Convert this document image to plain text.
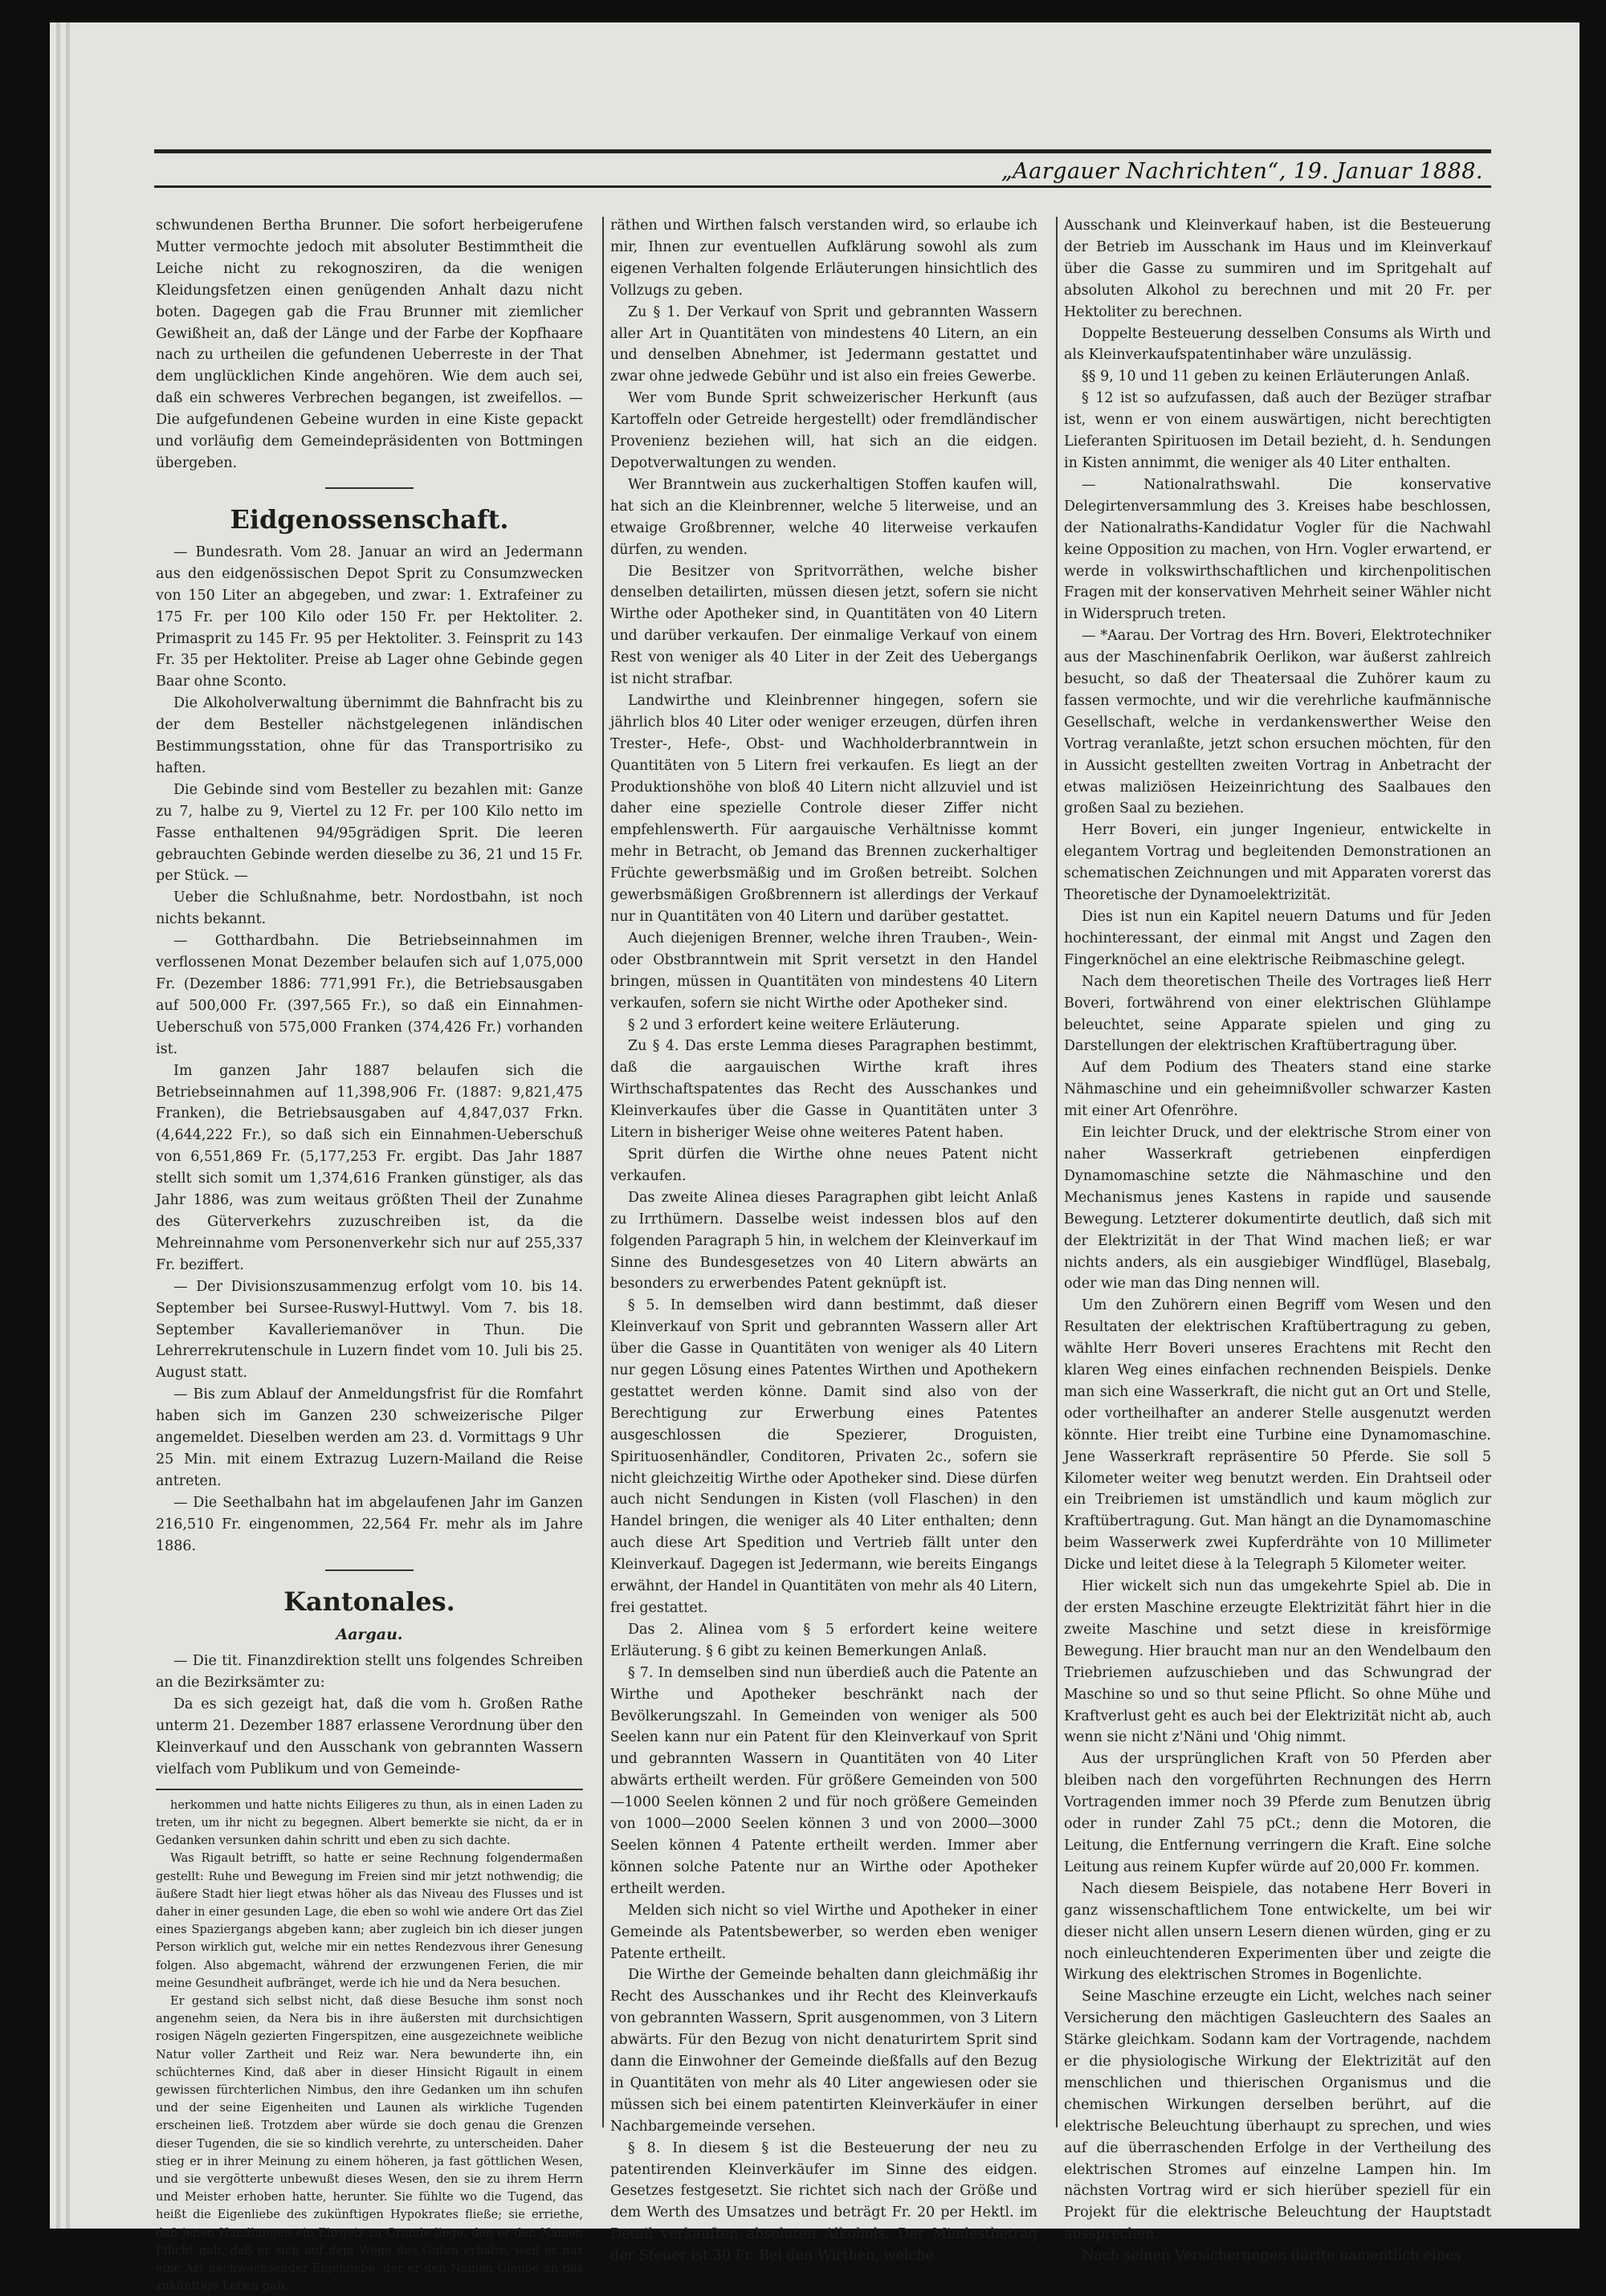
„Aargauer Nachrichten“, 19. Januar 1888.

schwundenen Bertha Brunner. Die sofort herbeigerufene Mutter vermochte jedoch mit absoluter Bestimmtheit die Leiche nicht zu rekognosziren, da die wenigen Kleidungsfetzen einen genügenden Anhalt dazu nicht boten. Dagegen gab die Frau Brunner mit ziemlicher Gewißheit an, daß der Länge und der Farbe der Kopfhaare nach zu urtheilen die gefundenen Ueberreste in der That dem unglücklichen Kinde angehören. Wie dem auch sei, daß ein schweres Verbrechen begangen, ist zweifellos. — Die aufgefundenen Gebeine wurden in eine Kiste gepackt und vorläufig dem Gemeindepräsidenten von Bottmingen übergeben.

Eidgenossenschaft.

— Bundesrath. Vom 28. Januar an wird an Jedermann aus den eidgenössischen Depot Sprit zu Consumzwecken von 150 Liter an abgegeben, und zwar: 1. Extrafeiner zu 175 Fr. per 100 Kilo oder 150 Fr. per Hektoliter. 2. Primasprit zu 145 Fr. 95 per Hektoliter. 3. Feinsprit zu 143 Fr. 35 per Hektoliter. Preise ab Lager ohne Gebinde gegen Baar ohne Sconto.

Die Alkoholverwaltung übernimmt die Bahnfracht bis zu der dem Besteller nächstgelegenen inländischen Bestimmungsstation, ohne für das Transportrisiko zu haften.

Die Gebinde sind vom Besteller zu bezahlen mit: Ganze zu 7, halbe zu 9, Viertel zu 12 Fr. per 100 Kilo netto im Fasse enthaltenen 94/95grädigen Sprit. Die leeren gebrauchten Gebinde werden dieselbe zu 36, 21 und 15 Fr. per Stück. —

Ueber die Schlußnahme, betr. Nordostbahn, ist noch nichts bekannt.

— Gotthardbahn. Die Betriebseinnahmen im verflossenen Monat Dezember belaufen sich auf 1,075,000 Fr. (Dezember 1886: 771,991 Fr.), die Betriebsausgaben auf 500,000 Fr. (397,565 Fr.), so daß ein Einnahmen-Ueberschuß von 575,000 Franken (374,426 Fr.) vorhanden ist.

Im ganzen Jahr 1887 belaufen sich die Betriebseinnahmen auf 11,398,906 Fr. (1887: 9,821,475 Franken), die Betriebsausgaben auf 4,847,037 Frkn. (4,644,222 Fr.), so daß sich ein Einnahmen-Ueberschuß von 6,551,869 Fr. (5,177,253 Fr. ergibt. Das Jahr 1887 stellt sich somit um 1,374,616 Franken günstiger, als das Jahr 1886, was zum weitaus größten Theil der Zunahme des Güterverkehrs zuzuschreiben ist, da die Mehreinnahme vom Personenverkehr sich nur auf 255,337 Fr. beziffert.

— Der Divisionszusammenzug erfolgt vom 10. bis 14. September bei Sursee-Ruswyl-Huttwyl. Vom 7. bis 18. September Kavalleriemanöver in Thun. Die Lehrerrekrutenschule in Luzern findet vom 10. Juli bis 25. August statt.

— Bis zum Ablauf der Anmeldungsfrist für die Romfahrt haben sich im Ganzen 230 schweizerische Pilger angemeldet. Dieselben werden am 23. d. Vormittags 9 Uhr 25 Min. mit einem Extrazug Luzern-Mailand die Reise antreten.

— Die Seethalbahn hat im abgelaufenen Jahr im Ganzen 216,510 Fr. eingenommen, 22,564 Fr. mehr als im Jahre 1886.

Kantonales.
Aargau.

— Die tit. Finanzdirektion stellt uns folgendes Schreiben an die Bezirksämter zu:

Da es sich gezeigt hat, daß die vom h. Großen Rathe unterm 21. Dezember 1887 erlassene Verordnung über den Kleinverkauf und den Ausschank von gebrannten Wassern vielfach vom Publikum und von Gemeinde-

herkommen und hatte nichts Eiligeres zu thun, als in einen Laden zu treten, um ihr nicht zu begegnen. Albert bemerkte sie nicht, da er in Gedanken versunken dahin schritt und eben zu sich dachte.

Was Rigault betrifft, so hatte er seine Rechnung folgendermaßen gestellt: Ruhe und Bewegung im Freien sind mir jetzt nothwendig; die äußere Stadt hier liegt etwas höher als das Niveau des Flusses und ist daher in einer gesunden Lage, die eben so wohl wie andere Ort das Ziel eines Spaziergangs abgeben kann; aber zugleich bin ich dieser jungen Person wirklich gut, welche mir ein nettes Rendezvous ihrer Genesung folgen. Also abgemacht, während der erzwungenen Ferien, die mir meine Gesundheit aufbränget, werde ich hie und da Nera besuchen.

Er gestand sich selbst nicht, daß diese Besuche ihm sonst noch angenehm seien, da Nera bis in ihre äußersten mit durchsichtigen rosigen Nägeln gezierten Fingerspitzen, eine ausgezeichnete weibliche Natur voller Zartheit und Reiz war. Nera bewunderte ihn, ein schüchternes Kind, daß aber in dieser Hinsicht Rigault in einem gewissen fürchterlichen Nimbus, den ihre Gedanken um ihn schufen und der seine Eigenheiten und Launen als wirkliche Tugenden erscheinen ließ. Trotzdem aber würde sie doch genau die Grenzen dieser Tugenden, die sie so kindlich verehrte, zu unterscheiden. Daher stieg er in ihrer Meinung zu einem höheren, ja fast göttlichen Wesen, und sie vergötterte unbewußt dieses Wesen, den sie zu ihrem Herrn und Meister erhoben hatte, herunter. Sie fühlte wo die Tugend, das heißt die Eigenliebe des zukünftigen Hypokrates fließe; sie erriethe, daß jenen Handlungen ein Ehrgeiz zu Grunde liege, den er den Namen Pflicht gab, daß er sich auf dem Wege des Guten erhalte, weil er nur eine Art nachwachsender Eigenliebe, der er den Namen Glaube an das zukünftige Leben gab.

räthen und Wirthen falsch verstanden wird, so erlaube ich mir, Ihnen zur eventuellen Aufklärung sowohl als zum eigenen Verhalten folgende Erläuterungen hinsichtlich des Vollzugs zu geben.

Zu § 1. Der Verkauf von Sprit und gebrannten Wassern aller Art in Quantitäten von mindestens 40 Litern, an ein und denselben Abnehmer, ist Jedermann gestattet und zwar ohne jedwede Gebühr und ist also ein freies Gewerbe.

Wer vom Bunde Sprit schweizerischer Herkunft (aus Kartoffeln oder Getreide hergestellt) oder fremdländischer Provenienz beziehen will, hat sich an die eidgen. Depotverwaltungen zu wenden.

Wer Branntwein aus zuckerhaltigen Stoffen kaufen will, hat sich an die Kleinbrenner, welche 5 literweise, und an etwaige Großbrenner, welche 40 literweise verkaufen dürfen, zu wenden.

Die Besitzer von Spritvorräthen, welche bisher denselben detailirten, müssen diesen jetzt, sofern sie nicht Wirthe oder Apotheker sind, in Quantitäten von 40 Litern und darüber verkaufen. Der einmalige Verkauf von einem Rest von weniger als 40 Liter in der Zeit des Uebergangs ist nicht strafbar.

Landwirthe und Kleinbrenner hingegen, sofern sie jährlich blos 40 Liter oder weniger erzeugen, dürfen ihren Trester-, Hefe-, Obst- und Wachholderbranntwein in Quantitäten von 5 Litern frei verkaufen. Es liegt an der Produktionshöhe von bloß 40 Litern nicht allzuviel und ist daher eine spezielle Controle dieser Ziffer nicht empfehlenswerth. Für aargauische Verhältnisse kommt mehr in Betracht, ob Jemand das Brennen zuckerhaltiger Früchte gewerbsmäßig und im Großen betreibt. Solchen gewerbsmäßigen Großbrennern ist allerdings der Verkauf nur in Quantitäten von 40 Litern und darüber gestattet.

Auch diejenigen Brenner, welche ihren Trauben-, Wein- oder Obstbranntwein mit Sprit versetzt in den Handel bringen, müssen in Quantitäten von mindestens 40 Litern verkaufen, sofern sie nicht Wirthe oder Apotheker sind.

§ 2 und 3 erfordert keine weitere Erläuterung.

Zu § 4. Das erste Lemma dieses Paragraphen bestimmt, daß die aargauischen Wirthe kraft ihres Wirthschaftspatentes das Recht des Ausschankes und Kleinverkaufes über die Gasse in Quantitäten unter 3 Litern in bisheriger Weise ohne weiteres Patent haben.

Sprit dürfen die Wirthe ohne neues Patent nicht verkaufen.

Das zweite Alinea dieses Paragraphen gibt leicht Anlaß zu Irrthümern. Dasselbe weist indessen blos auf den folgenden Paragraph 5 hin, in welchem der Kleinverkauf im Sinne des Bundesgesetzes von 40 Litern abwärts an besonders zu erwerbendes Patent geknüpft ist.

§ 5. In demselben wird dann bestimmt, daß dieser Kleinverkauf von Sprit und gebrannten Wassern aller Art über die Gasse in Quantitäten von weniger als 40 Litern nur gegen Lösung eines Patentes Wirthen und Apothekern gestattet werden könne. Damit sind also von der Berechtigung zur Erwerbung eines Patentes ausgeschlossen die Spezierer, Droguisten, Spirituosenhändler, Conditoren, Privaten 2c., sofern sie nicht gleichzeitig Wirthe oder Apotheker sind. Diese dürfen auch nicht Sendungen in Kisten (voll Flaschen) in den Handel bringen, die weniger als 40 Liter enthalten; denn auch diese Art Spedition und Vertrieb fällt unter den Kleinverkauf. Dagegen ist Jedermann, wie bereits Eingangs erwähnt, der Handel in Quantitäten von mehr als 40 Litern, frei gestattet.

Das 2. Alinea vom § 5 erfordert keine weitere Erläuterung. § 6 gibt zu keinen Bemerkungen Anlaß.

§ 7. In demselben sind nun überdieß auch die Patente an Wirthe und Apotheker beschränkt nach der Bevölkerungszahl. In Gemeinden von weniger als 500 Seelen kann nur ein Patent für den Kleinverkauf von Sprit und gebrannten Wassern in Quantitäten von 40 Liter abwärts ertheilt werden. Für größere Gemeinden von 500—1000 Seelen können 2 und für noch größere Gemeinden von 1000—2000 Seelen können 3 und von 2000—3000 Seelen können 4 Patente ertheilt werden. Immer aber können solche Patente nur an Wirthe oder Apotheker ertheilt werden.

Melden sich nicht so viel Wirthe und Apotheker in einer Gemeinde als Patentsbewerber, so werden eben weniger Patente ertheilt.

Die Wirthe der Gemeinde behalten dann gleichmäßig ihr Recht des Ausschankes und ihr Recht des Kleinverkaufs von gebrannten Wassern, Sprit ausgenommen, von 3 Litern abwärts. Für den Bezug von nicht denaturirtem Sprit sind dann die Einwohner der Gemeinde dießfalls auf den Bezug in Quantitäten von mehr als 40 Liter angewiesen oder sie müssen sich bei einem patentirten Kleinverkäufer in einer Nachbargemeinde versehen.

§ 8. In diesem § ist die Besteuerung der neu zu patentirenden Kleinverkäufer im Sinne des eidgen. Gesetzes festgesetzt. Sie richtet sich nach der Größe und dem Werth des Umsatzes und beträgt Fr. 20 per Hektl. im Detail verkauften absoluten Alkohols. Der Mindestbetrag der Steuer ist 30 Fr. Bei den Wirthen, welche

Ausschank und Kleinverkauf haben, ist die Besteuerung der Betrieb im Ausschank im Haus und im Kleinverkauf über die Gasse zu summiren und im Spritgehalt auf absoluten Alkohol zu berechnen und mit 20 Fr. per Hektoliter zu berechnen.

Doppelte Besteuerung desselben Consums als Wirth und als Kleinverkaufspatentinhaber wäre unzulässig.

§§ 9, 10 und 11 geben zu keinen Erläuterungen Anlaß.

§ 12 ist so aufzufassen, daß auch der Bezüger strafbar ist, wenn er von einem auswärtigen, nicht berechtigten Lieferanten Spirituosen im Detail bezieht, d. h. Sendungen in Kisten annimmt, die weniger als 40 Liter enthalten.

— Nationalrathswahl. Die konservative Delegirtenversammlung des 3. Kreises habe beschlossen, der Nationalraths-Kandidatur Vogler für die Nachwahl keine Opposition zu machen, von Hrn. Vogler erwartend, er werde in volkswirthschaftlichen und kirchenpolitischen Fragen mit der konservativen Mehrheit seiner Wähler nicht in Widerspruch treten.

— *Aarau. Der Vortrag des Hrn. Boveri, Elektrotechniker aus der Maschinenfabrik Oerlikon, war äußerst zahlreich besucht, so daß der Theatersaal die Zuhörer kaum zu fassen vermochte, und wir die verehrliche kaufmännische Gesellschaft, welche in verdankenswerther Weise den Vortrag veranlaßte, jetzt schon ersuchen möchten, für den in Aussicht gestellten zweiten Vortrag in Anbetracht der etwas maliziösen Heizeinrichtung des Saalbaues den großen Saal zu beziehen.

Herr Boveri, ein junger Ingenieur, entwickelte in elegantem Vortrag und begleitenden Demonstrationen an schematischen Zeichnungen und mit Apparaten vorerst das Theoretische der Dynamoelektrizität.

Dies ist nun ein Kapitel neuern Datums und für Jeden hochinteressant, der einmal mit Angst und Zagen den Fingerknöchel an eine elektrische Reibmaschine gelegt.

Nach dem theoretischen Theile des Vortrages ließ Herr Boveri, fortwährend von einer elektrischen Glühlampe beleuchtet, seine Apparate spielen und ging zu Darstellungen der elektrischen Kraftübertragung über.

Auf dem Podium des Theaters stand eine starke Nähmaschine und ein geheimnißvoller schwarzer Kasten mit einer Art Ofenröhre.

Ein leichter Druck, und der elektrische Strom einer von naher Wasserkraft getriebenen einpferdigen Dynamomaschine setzte die Nähmaschine und den Mechanismus jenes Kastens in rapide und sausende Bewegung. Letzterer dokumentirte deutlich, daß sich mit der Elektrizität in der That Wind machen ließ; er war nichts anders, als ein ausgiebiger Windflügel, Blasebalg, oder wie man das Ding nennen will.

Um den Zuhörern einen Begriff vom Wesen und den Resultaten der elektrischen Kraftübertragung zu geben, wählte Herr Boveri unseres Erachtens mit Recht den klaren Weg eines einfachen rechnenden Beispiels. Denke man sich eine Wasserkraft, die nicht gut an Ort und Stelle, oder vortheilhafter an anderer Stelle ausgenutzt werden könnte. Hier treibt eine Turbine eine Dynamomaschine. Jene Wasserkraft repräsentire 50 Pferde. Sie soll 5 Kilometer weiter weg benutzt werden. Ein Drahtseil oder ein Treibriemen ist umständlich und kaum möglich zur Kraftübertragung. Gut. Man hängt an die Dynamomaschine beim Wasserwerk zwei Kupferdrähte von 10 Millimeter Dicke und leitet diese à la Telegraph 5 Kilometer weiter.

Hier wickelt sich nun das umgekehrte Spiel ab. Die in der ersten Maschine erzeugte Elektrizität fährt hier in die zweite Maschine und setzt diese in kreisförmige Bewegung. Hier braucht man nur an den Wendelbaum den Triebriemen aufzuschieben und das Schwungrad der Maschine so und so thut seine Pflicht. So ohne Mühe und Kraftverlust geht es auch bei der Elektrizität nicht ab, auch wenn sie nicht z'Näni und 'Ohig nimmt.

Aus der ursprünglichen Kraft von 50 Pferden aber bleiben nach den vorgeführten Rechnungen des Herrn Vortragenden immer noch 39 Pferde zum Benutzen übrig oder in runder Zahl 75 pCt.; denn die Motoren, die Leitung, die Entfernung verringern die Kraft. Eine solche Leitung aus reinem Kupfer würde auf 20,000 Fr. kommen.

Nach diesem Beispiele, das notabene Herr Boveri in ganz wissenschaftlichem Tone entwickelte, um bei wir dieser nicht allen unsern Lesern dienen würden, ging er zu noch einleuchtenderen Experimenten über und zeigte die Wirkung des elektrischen Stromes in Bogenlichte.

Seine Maschine erzeugte ein Licht, welches nach seiner Versicherung den mächtigen Gasleuchtern des Saales an Stärke gleichkam. Sodann kam der Vortragende, nachdem er die physiologische Wirkung der Elektrizität auf den menschlichen und thierischen Organismus und die chemischen Wirkungen derselben berührt, auf die elektrische Beleuchtung überhaupt zu sprechen, und wies auf die überraschenden Erfolge in der Vertheilung des elektrischen Stromes auf einzelne Lampen hin. Im nächsten Vortrag wird er sich hierüber speziell für ein Projekt für die elektrische Beleuchtung der Hauptstadt aussprechen.

Nach seinen Versicherungen dürfte namentlich eines
